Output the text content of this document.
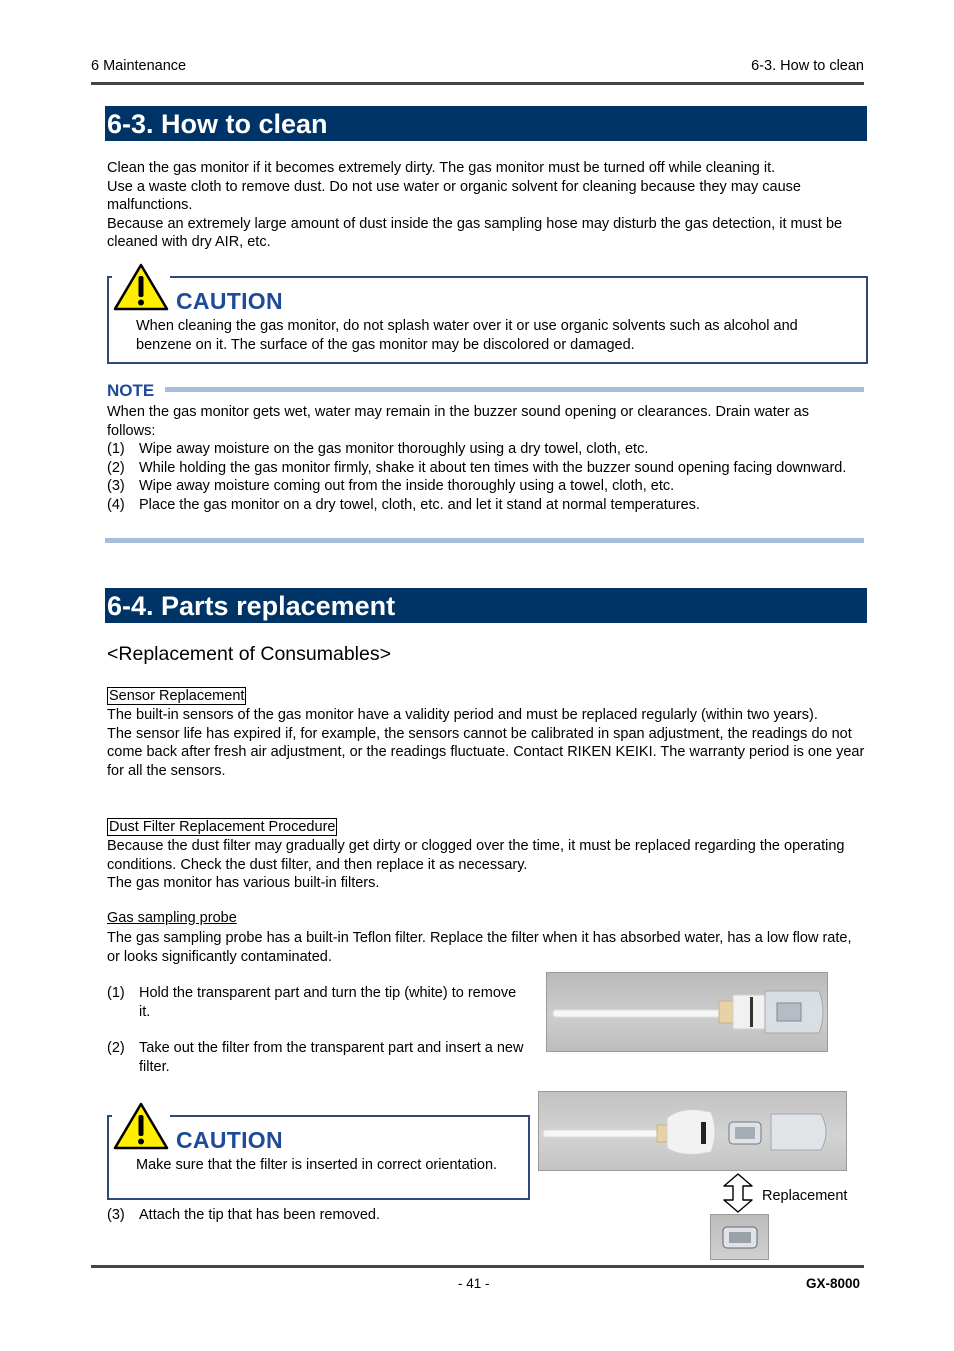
6 Maintenance	6-3. How to clean
6-3. How to clean

Clean the gas monitor if it becomes extremely dirty. The gas monitor must be turned off while cleaning it.

Use a waste cloth to remove dust. Do not use water or organic solvent for cleaning because they may cause malfunctions.

Because an extremely large amount of dust inside the gas sampling hose may disturb the gas detection, it must be cleaned with dry AIR, etc.

CAUTION
When cleaning the gas monitor, do not splash water over it or use organic solvents such as alcohol and benzene on it. The surface of the gas monitor may be discolored or damaged.
NOTE
When the gas monitor gets wet, water may remain in the buzzer sound opening or clearances. Drain water as follows:
(1) Wipe away moisture on the gas monitor thoroughly using a dry towel, cloth, etc.
(2) While holding the gas monitor firmly, shake it about ten times with the buzzer sound opening facing downward.
(3) Wipe away moisture coming out from the inside thoroughly using a towel, cloth, etc.
(4) Place the gas monitor on a dry towel, cloth, etc. and let it stand at normal temperatures.
6-4. Parts replacement
<Replacement of Consumables>
Sensor Replacement

The built-in sensors of the gas monitor have a validity period and must be replaced regularly (within two years).

The sensor life has expired if, for example, the sensors cannot be calibrated in span adjustment, the readings do not come back after fresh air adjustment, or the readings fluctuate. Contact RIKEN KEIKI. The warranty period is one year for all the sensors.

Dust Filter Replacement Procedure

Because the dust filter may gradually get dirty or clogged over the time, it must be replaced regarding the operating conditions. Check the dust filter, and then replace it as necessary.

The gas monitor has various built-in filters.

Gas sampling probe
The gas sampling probe has a built-in Teflon filter. Replace the filter when it has absorbed water, has a low flow rate, or looks significantly contaminated.
(1) Hold the transparent part and turn the tip (white) to remove it.
(2) Take out the filter from the transparent part and insert a new filter.
CAUTION
Make sure that the filter is inserted in correct orientation.
Replacement
(3) Attach the tip that has been removed.
- 41 -	GX-8000
